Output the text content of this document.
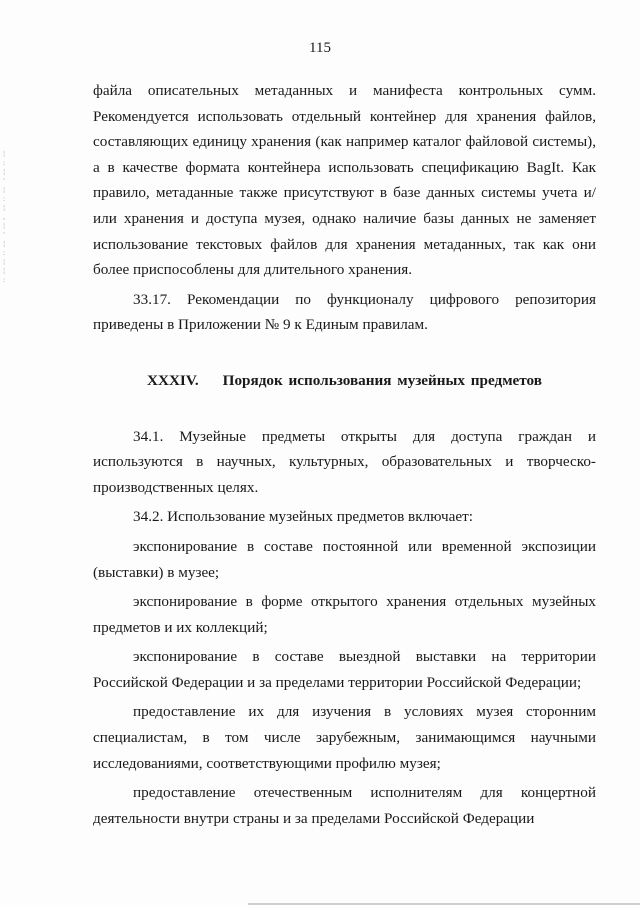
¦
:
¦
'
¦
:
¦
,
¦
'
¦
:
¦
¦
:
115

файла описательных метаданных и манифеста контрольных сумм. Рекомендуется использовать отдельный контейнер для хранения файлов, составляющих единицу хранения (как например каталог файловой системы), а в качестве формата контейнера использовать спецификацию BagIt. Как правило, метаданные также присутствуют в базе данных системы учета и/или хранения и доступа музея, однако наличие базы данных не заменяет использование текстовых файлов для хранения метаданных, так как они более приспособлены для длительного хранения.

33.17. Рекомендации по функционалу цифрового репозитория приведены в Приложении № 9 к Единым правилам.

XXXIV. Порядок использования музейных предметов

34.1. Музейные предметы открыты для доступа граждан и используются в научных, культурных, образовательных и творческо-производственных целях.

34.2. Использование музейных предметов включает:

экспонирование в составе постоянной или временной экспозиции (выставки) в музее;

экспонирование в форме открытого хранения отдельных музейных предметов и их коллекций;

экспонирование в составе выездной выставки на территории Российской Федерации и за пределами территории Российской Федерации;

предоставление их для изучения в условиях музея сторонним специалистам, в том числе зарубежным, занимающимся научными исследованиями, соответствующими профилю музея;

предоставление отечественным исполнителям для концертной деятельности внутри страны и за пределами Российской Федерации
